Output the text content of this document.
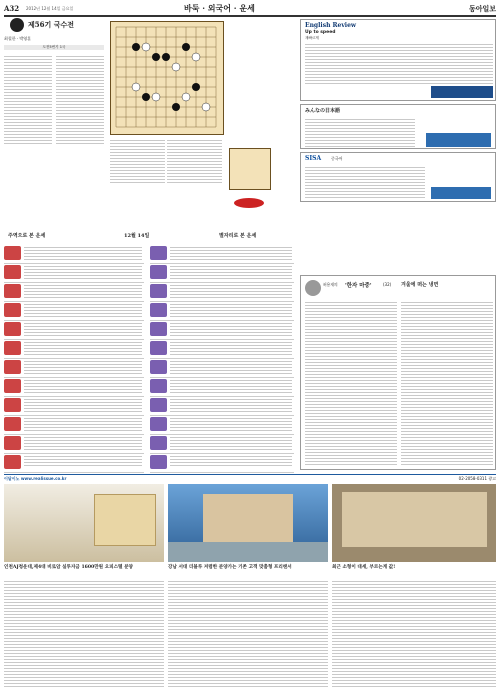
A32 2012년 12월 14일 금요일	바둑 · 외국어 · 운세	동아일보
제56기 국수전
최철한 · 박영훈
도전5번기 1국
English Review
Up to speed
재빠르게
みんなの日本語
SISA 중국어
주역으로 본 운세	12월 14일	별자리로 본 운세
허용재의 '한자 마중'	(32) 겨울에 떠는 냉면
이달이노 www.realissue.co.kr	02-2058-0311 광고
인천AJ청운대,제4대 비로암 실투자금 1600만원 오피스텔 분양	강남 서대 더블루 저렴한 분양가는 기존 고객 맞춤형 프리랜서	최근 소형이 대세, 부르는게 값!
